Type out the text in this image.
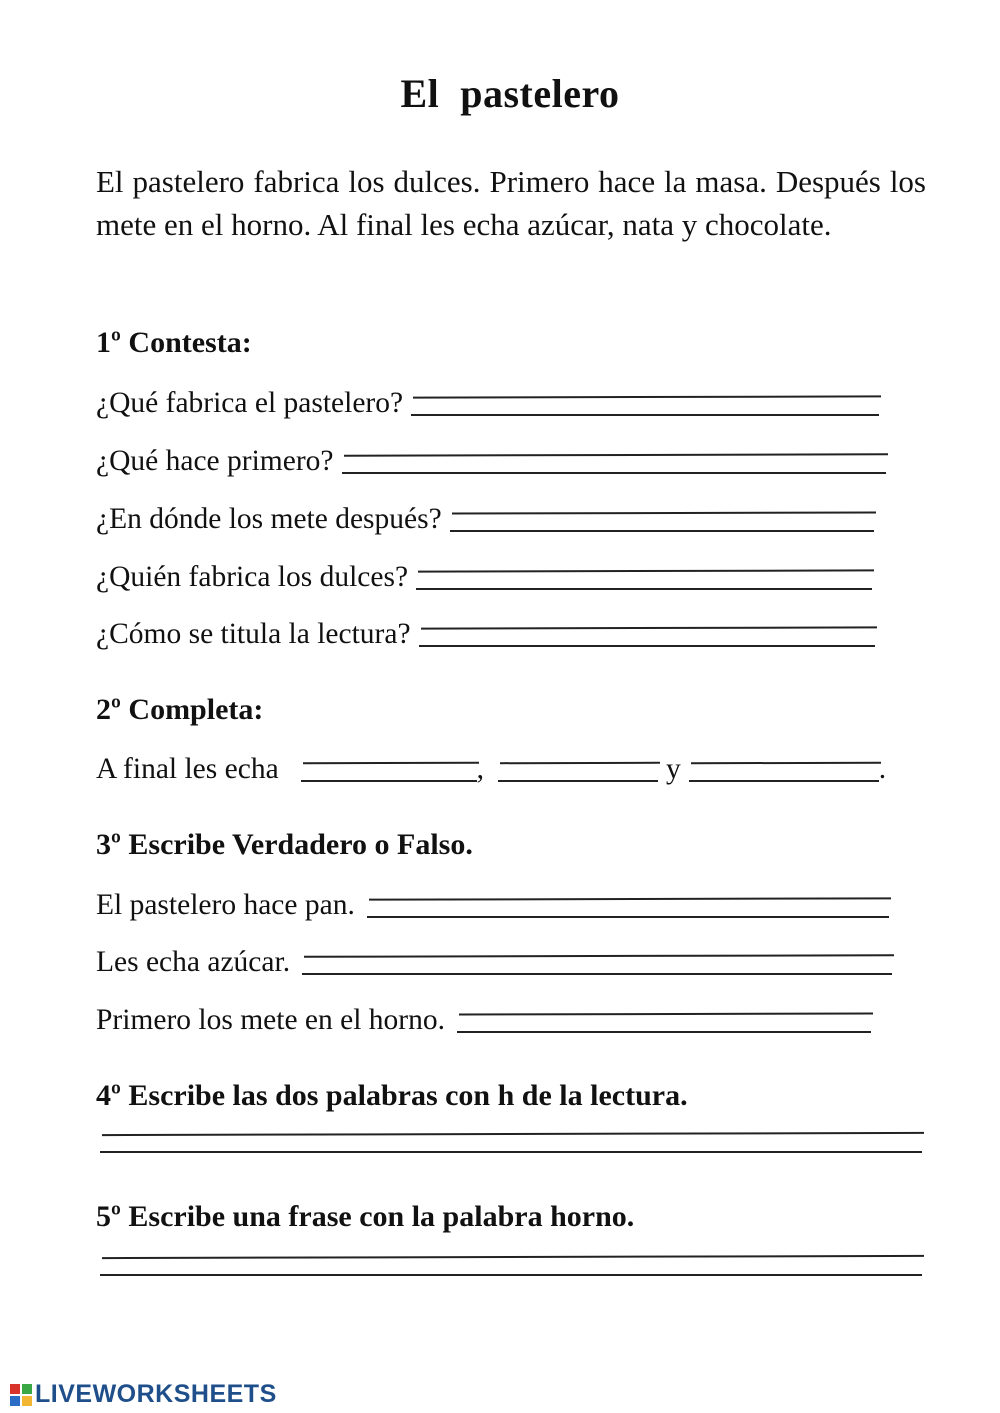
El  pastelero

El pastelero fabrica los dulces. Primero hace la masa. Después los mete en el horno. Al final les echa azúcar, nata y chocolate.

1º Contesta:
¿Qué fabrica el pastelero?
¿Qué hace primero?
¿En dónde los mete después?
¿Quién fabrica los dulces?
¿Cómo se titula la lectura?
2º Completa:
A final les echa	,	y	.
3º Escribe Verdadero o Falso.
El pastelero hace pan.
Les echa azúcar.
Primero los mete en el horno.
4º Escribe las dos palabras con h de la lectura.
5º Escribe una frase con la palabra horno.
LIVEWORKSHEETS
